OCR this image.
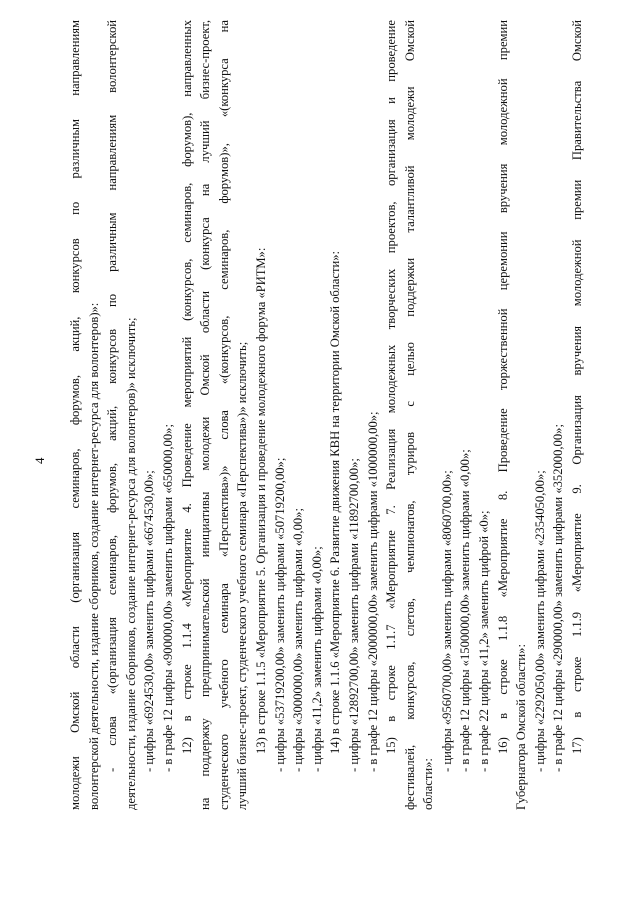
4 молодежи Омской области (организация семинаров, форумов, акций, конкурсов по различным направлениям волонтерской деятельности, издание сборников, создание интернет-ресурса для волонтеров)»: - слова «(организация семинаров, форумов, акций, конкурсов по различным направлениям волонтерской деятельности, издание сборников, создание интернет-ресурса для волонтеров)» исключить; - цифры «6924530,00» заменить цифрами «6674530,00»; - в графе 12 цифры «900000,00» заменить цифрами «650000,00»; 12) в строке 1.1.4 «Мероприятие 4. Проведение мероприятий (конкурсов, семинаров, форумов), направленных на поддержку предпринимательской инициативы молодежи Омской области (конкурса на лучший бизнес-проект, студенческого учебного семинара «Перспектива»)» слова «(конкурсов, семинаров, форумов)», «(конкурса на лучший бизнес-проект, студенческого учебного семинара «Перспектива»)» исключить; 13) в строке 1.1.5 «Мероприятие 5. Организация и проведение молодежного форума «РИТМ»: - цифры «53719200,00» заменить цифрами «50719200,00»; - цифры «3000000,00» заменить цифрами «0,00»; - цифры «11,2» заменить цифрами «0,00»; 14) в строке 1.1.6 «Мероприятие 6. Развитие движения КВН на территории Омской области»: - цифры «12892700,00» заменить цифрами «11892700,00»; - в графе 12 цифры «2000000,00» заменить цифрами «1000000,00»; 15) в строке 1.1.7 «Мероприятие 7. Реализация молодежных творческих проектов, организация и проведение фестивалей, конкурсов, слетов, чемпионатов, туриров с целью поддержки талантливой молодежи Омской области»:
- цифры «9560700,00» заменить цифрами «8060700,00»; - в графе 12 цифры «1500000,00» заменить цифрами «0,00»; - в графе 22 цифры «11,2» заменить цифрой «0»; 16) в строке 1.1.8 «Мероприятие 8. Проведение торжественной церемонии вручения молодежной премии Губернатора Омской области»: - цифры «2292050,00» заменить цифрами «2354050,00»; - в графе 12 цифры «290000,00» заменить цифрами «352000,00»; 17) в строке 1.1.9 «Мероприятие 9. Организация вручения молодежной премии Правительства Омской
